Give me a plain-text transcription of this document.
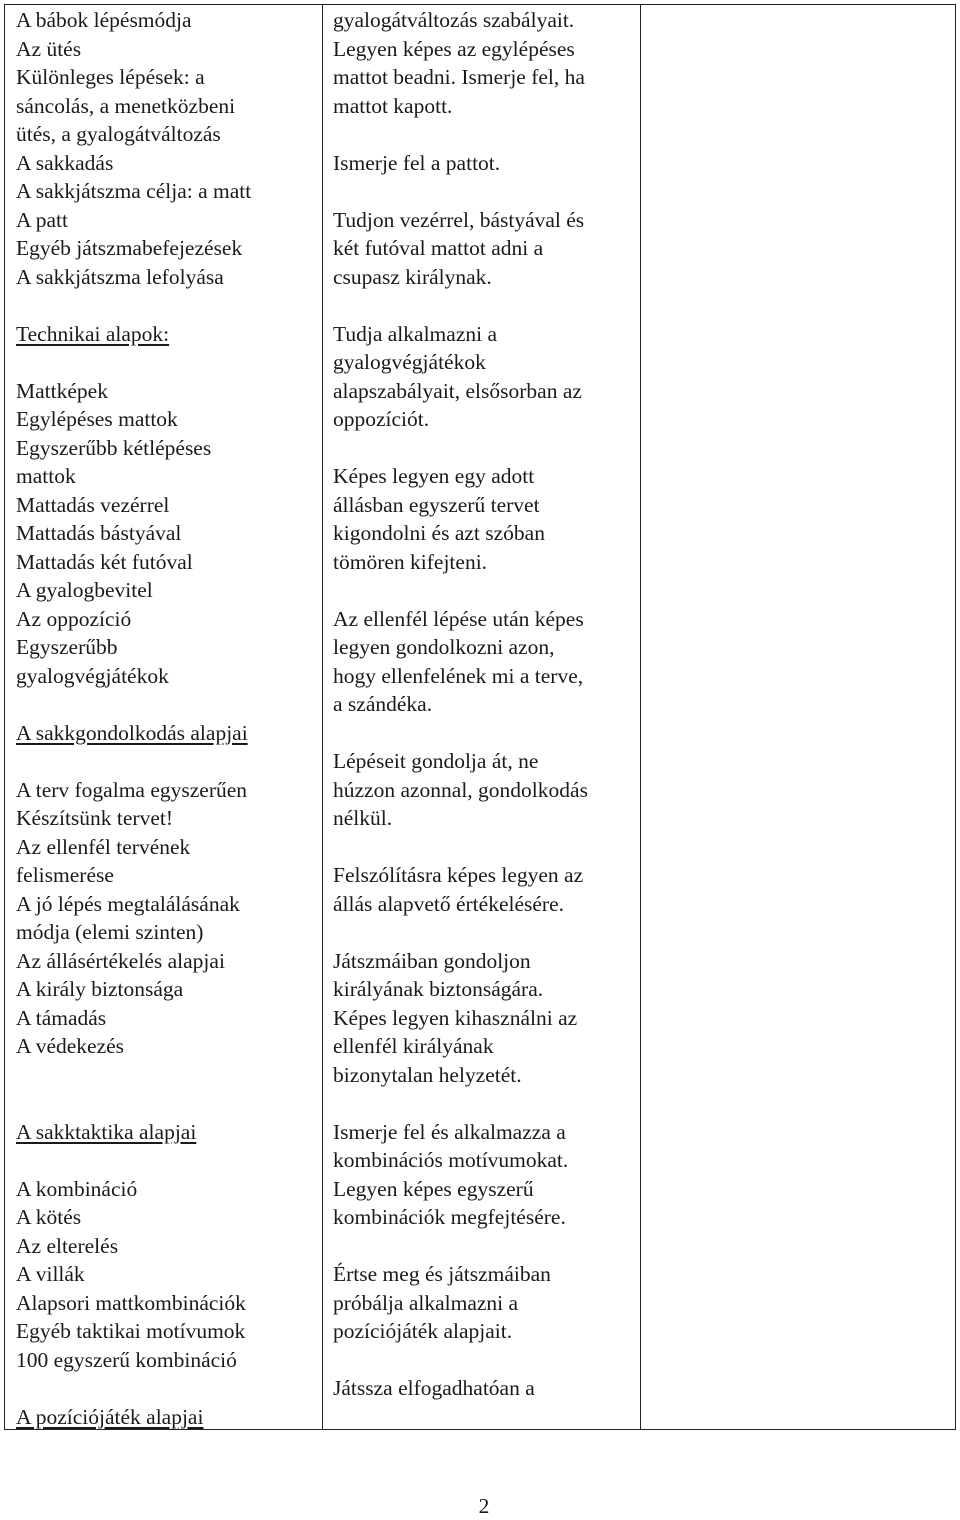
A bábok lépésmódja
Az ütés
Különleges lépések: a
sáncolás, a menetközbeni
ütés, a gyalogátváltozás
A sakkadás
A sakkjátszma célja: a matt
A patt
Egyéb játszmabefejezések
A sakkjátszma lefolyása
Technikai alapok:
Mattképek
Egylépéses mattok
Egyszerűbb kétlépéses
mattok
Mattadás vezérrel
Mattadás bástyával
Mattadás két futóval
A gyalogbevitel
Az oppozíció
Egyszerűbb
gyalogvégjátékok
A sakkgondolkodás alapjai
A terv fogalma egyszerűen
Készítsünk tervet!
Az ellenfél tervének
felismerése
A jó lépés megtalálásának
módja (elemi szinten)
Az állásértékelés alapjai
A király biztonsága
A támadás
A védekezés
A sakktaktika alapjai
A kombináció
A kötés
Az elterelés
A villák
Alapsori mattkombinációk
Egyéb taktikai motívumok
100 egyszerű kombináció
A pozíciójáték alapjai
gyalogátváltozás szabályait.
Legyen képes az egylépéses
mattot beadni. Ismerje fel, ha
mattot kapott.
Ismerje fel a pattot.
Tudjon vezérrel, bástyával és
két futóval mattot adni a
csupasz királynak.
Tudja alkalmazni a
gyalogvégjátékok
alapszabályait, elsősorban az
oppozíciót.
Képes legyen egy adott
állásban egyszerű tervet
kigondolni és azt szóban
tömören kifejteni.
Az ellenfél lépése után képes
legyen gondolkozni azon,
hogy ellenfelének mi a terve,
a szándéka.
Lépéseit gondolja át, ne
húzzon azonnal, gondolkodás
nélkül.
Felszólításra képes legyen az
állás alapvető értékelésére.
Játszmáiban gondoljon
királyának biztonságára.
Képes legyen kihasználni az
ellenfél királyának
bizonytalan helyzetét.
Ismerje fel és alkalmazza a
kombinációs motívumokat.
Legyen képes egyszerű
kombinációk megfejtésére.
Értse meg és játszmáiban
próbálja alkalmazni a
pozíciójáték alapjait.
Játssza elfogadhatóan a
2
